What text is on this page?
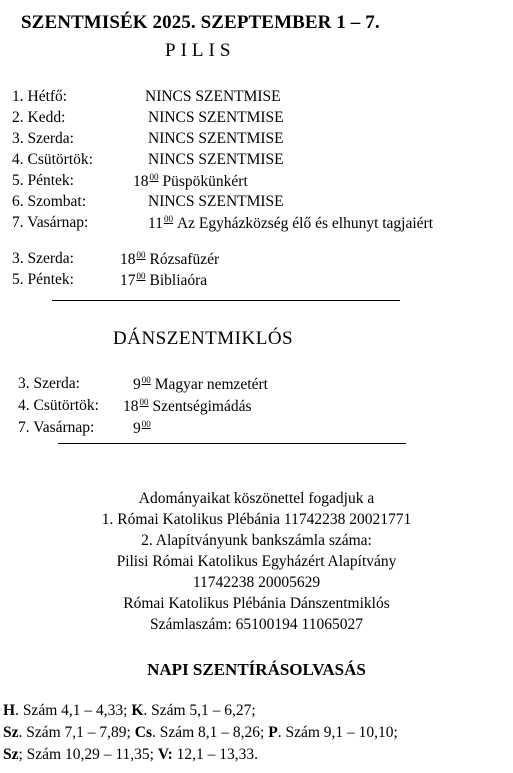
SZENTMISÉK 2025. SZEPTEMBER 1 – 7.
PILIS
1. Hétfő:	NINCS SZENTMISE
2. Kedd:	NINCS SZENTMISE
3. Szerda:	NINCS SZENTMISE
4. Csütörtök:	NINCS SZENTMISE
5. Péntek:	$18^{00}$ Püspökünkért
6. Szombat:	NINCS SZENTMISE
7. Vasárnap:	$11^{00}$ Az Egyházközség élő és elhunyt tagjaiért
3. Szerda:	$18^{00}$ Rózsafüzér
5. Péntek:	$17^{00}$ Bibliaóra
DÁNSZENTMIKLÓS
3. Szerda:	$9^{00}$ Magyar nemzetért
4. Csütörtök: $18^{00}$ Szentségimádás
7. Vasárnap: $9^{00}$
Adományaikat köszönettel fogadjuk a
1. Római Katolikus Plébánia 11742238 20021771
2. Alapítványunk bankszámla száma:
Pilisi Római Katolikus Egyházért Alapítvány
11742238 20005629
Római Katolikus Plébánia Dánszentmiklós
Számlaszám: 65100194 11065027
NAPI SZENTÍRÁSOLVASÁS
H. Szám 4,1 – 4,33; K. Szám 5,1 – 6,27;
Sz. Szám 7,1 – 7,89; Cs. Szám 8,1 – 8,26; P. Szám 9,1 – 10,10;
Sz; Szám 10,29 – 11,35; V: 12,1 – 13,33.
